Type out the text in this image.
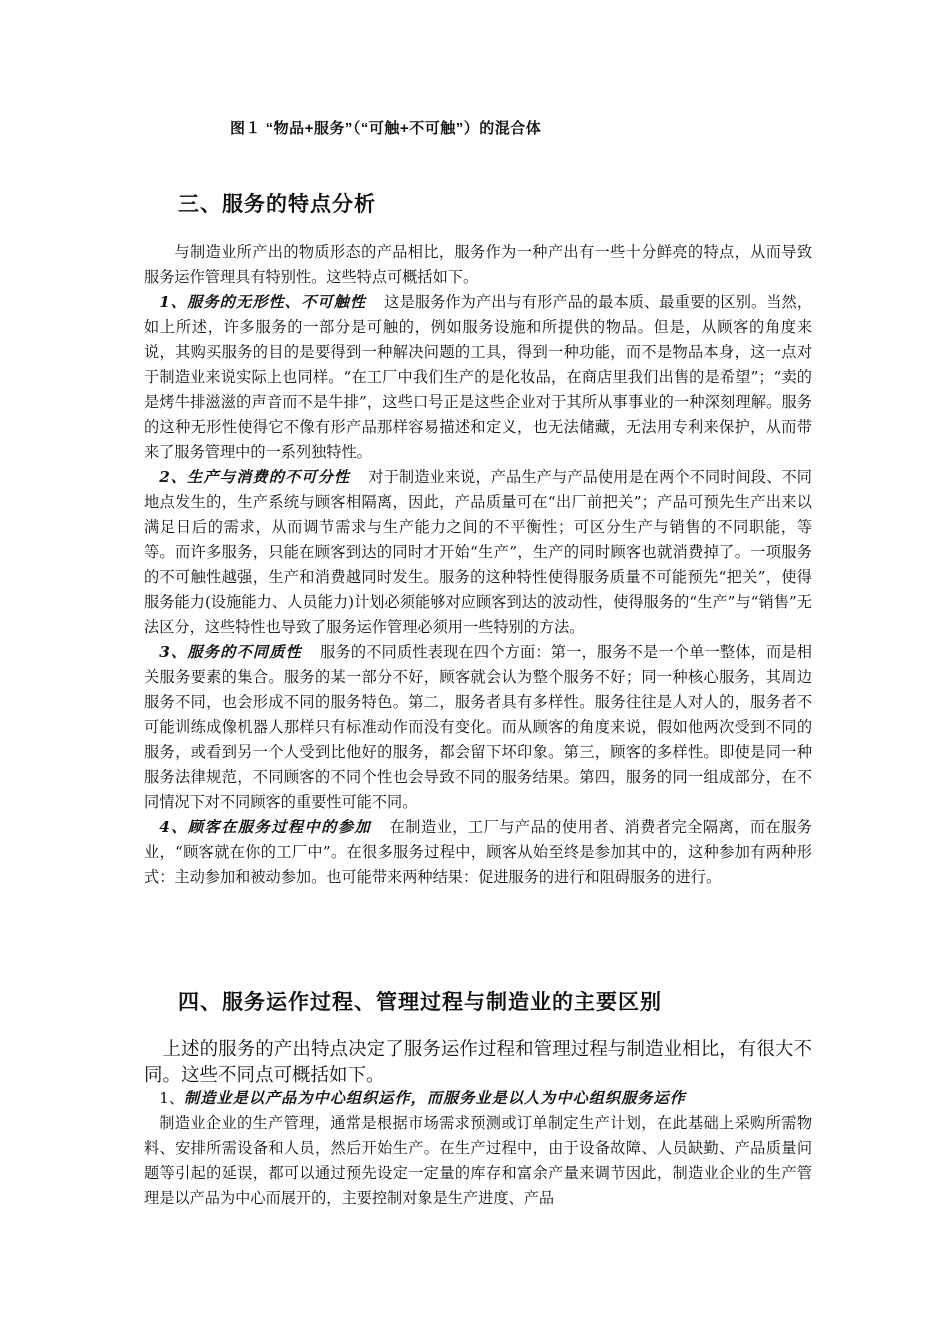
图１ “物品+服务”（“可触+不可触”）的混合体
三、服务的特点分析

与制造业所产出的物质形态的产品相比，服务作为一种产出有一些十分鲜亮的特点，从而导致服务运作管理具有特别性。这些特点可概括如下。

1、服务的无形性、不可触性 这是服务作为产出与有形产品的最本质、最重要的区别。当然，如上所述，许多服务的一部分是可触的，例如服务设施和所提供的物品。但是，从顾客的角度来说，其购买服务的目的是要得到一种解决问题的工具，得到一种功能，而不是物品本身，这一点对于制造业来说实际上也同样。“在工厂中我们生产的是化妆品，在商店里我们出售的是希望”；“卖的是烤牛排滋滋的声音而不是牛排”，这些口号正是这些企业对于其所从事事业的一种深刻理解。服务的这种无形性使得它不像有形产品那样容易描述和定义，也无法储藏，无法用专利来保护，从而带来了服务管理中的一系列独特性。

2、生产与消费的不可分性 对于制造业来说，产品生产与产品使用是在两个不同时间段、不同地点发生的，生产系统与顾客相隔离，因此，产品质量可在“出厂前把关”；产品可预先生产出来以满足日后的需求，从而调节需求与生产能力之间的不平衡性；可区分生产与销售的不同职能，等等。而许多服务，只能在顾客到达的同时才开始“生产”，生产的同时顾客也就消费掉了。一项服务的不可触性越强，生产和消费越同时发生。服务的这种特性使得服务质量不可能预先“把关”，使得服务能力(设施能力、人员能力)计划必须能够对应顾客到达的波动性，使得服务的“生产”与“销售”无法区分，这些特性也导致了服务运作管理必须用一些特别的方法。

3、服务的不同质性 服务的不同质性表现在四个方面：第一，服务不是一个单一整体，而是相关服务要素的集合。服务的某一部分不好，顾客就会认为整个服务不好；同一种核心服务，其周边服务不同，也会形成不同的服务特色。第二，服务者具有多样性。服务往往是人对人的，服务者不可能训练成像机器人那样只有标准动作而没有变化。而从顾客的角度来说，假如他两次受到不同的服务，或看到另一个人受到比他好的服务，都会留下坏印象。第三，顾客的多样性。即使是同一种服务法律规范，不同顾客的不同个性也会导致不同的服务结果。第四，服务的同一组成部分，在不同情况下对不同顾客的重要性可能不同。

4、顾客在服务过程中的参加 在制造业，工厂与产品的使用者、消费者完全隔离，而在服务业，“顾客就在你的工厂中”。在很多服务过程中，顾客从始至终是参加其中的，这种参加有两种形式：主动参加和被动参加。也可能带来两种结果：促进服务的进行和阻碍服务的进行。

四、服务运作过程、管理过程与制造业的主要区别

上述的服务的产出特点决定了服务运作过程和管理过程与制造业相比，有很大不同。这些不同点可概括如下。

1、制造业是以产品为中心组织运作，而服务业是以人为中心组织服务运作

制造业企业的生产管理，通常是根据市场需求预测或订单制定生产计划，在此基础上采购所需物料、安排所需设备和人员，然后开始生产。在生产过程中，由于设备故障、人员缺勤、产品质量问题等引起的延误，都可以通过预先设定一定量的库存和富余产量来调节因此，制造业企业的生产管理是以产品为中心而展开的，主要控制对象是生产进度、产品
